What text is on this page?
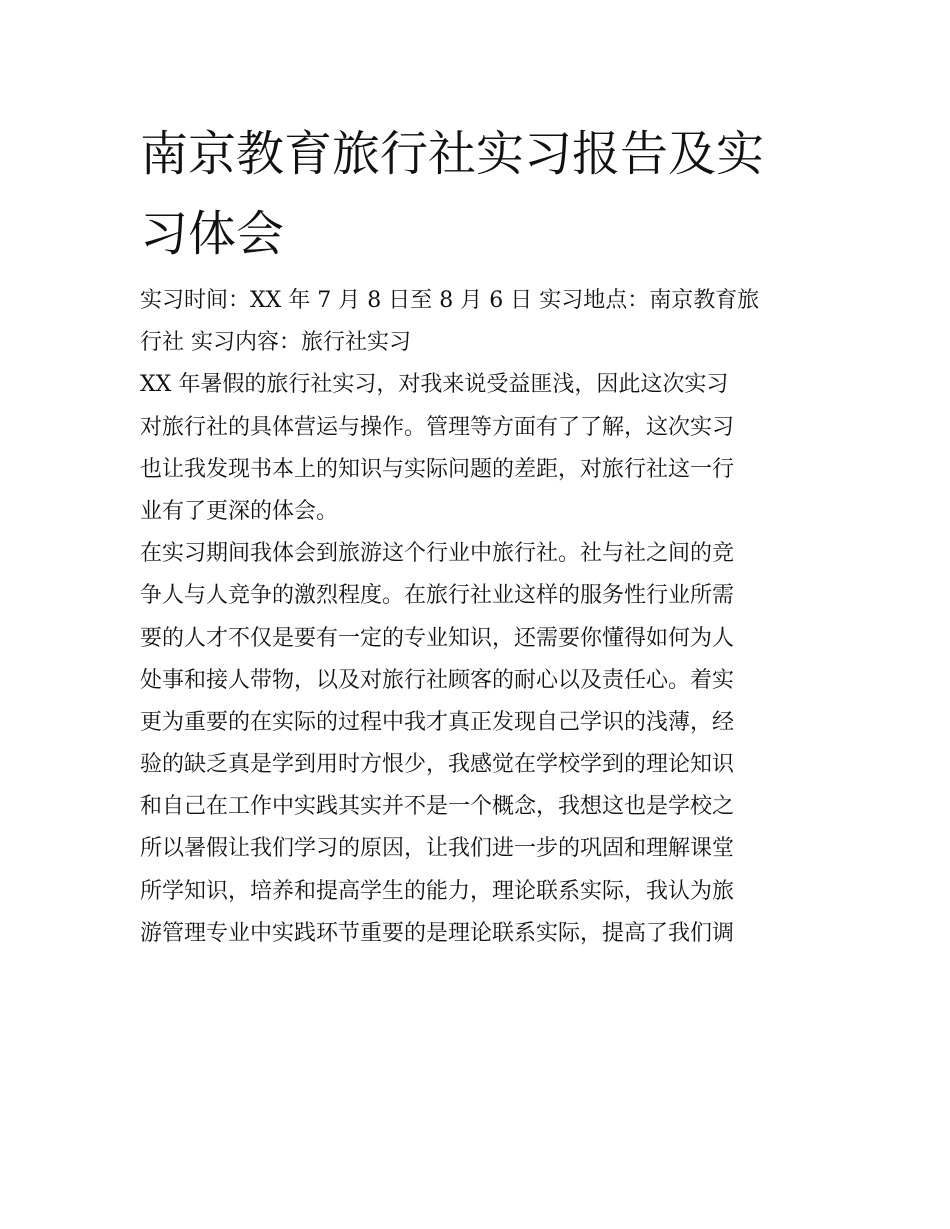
南京教育旅行社实习报告及实
习体会
实习时间：XX 年 7 月 8 日至 8 月 6 日 实习地点：南京教育旅
行社 实习内容：旅行社实习
XX 年暑假的旅行社实习，对我来说受益匪浅，因此这次实习
对旅行社的具体营运与操作。管理等方面有了了解，这次实习
也让我发现书本上的知识与实际问题的差距，对旅行社这一行
业有了更深的体会。
在实习期间我体会到旅游这个行业中旅行社。社与社之间的竞
争人与人竞争的激烈程度。在旅行社业这样的服务性行业所需
要的人才不仅是要有一定的专业知识，还需要你懂得如何为人
处事和接人带物，以及对旅行社顾客的耐心以及责任心。着实
更为重要的在实际的过程中我才真正发现自己学识的浅薄，经
验的缺乏真是学到用时方恨少，我感觉在学校学到的理论知识
和自己在工作中实践其实并不是一个概念，我想这也是学校之
所以暑假让我们学习的原因，让我们进一步的巩固和理解课堂
所学知识，培养和提高学生的能力，理论联系实际，我认为旅
游管理专业中实践环节重要的是理论联系实际，提高了我们调
